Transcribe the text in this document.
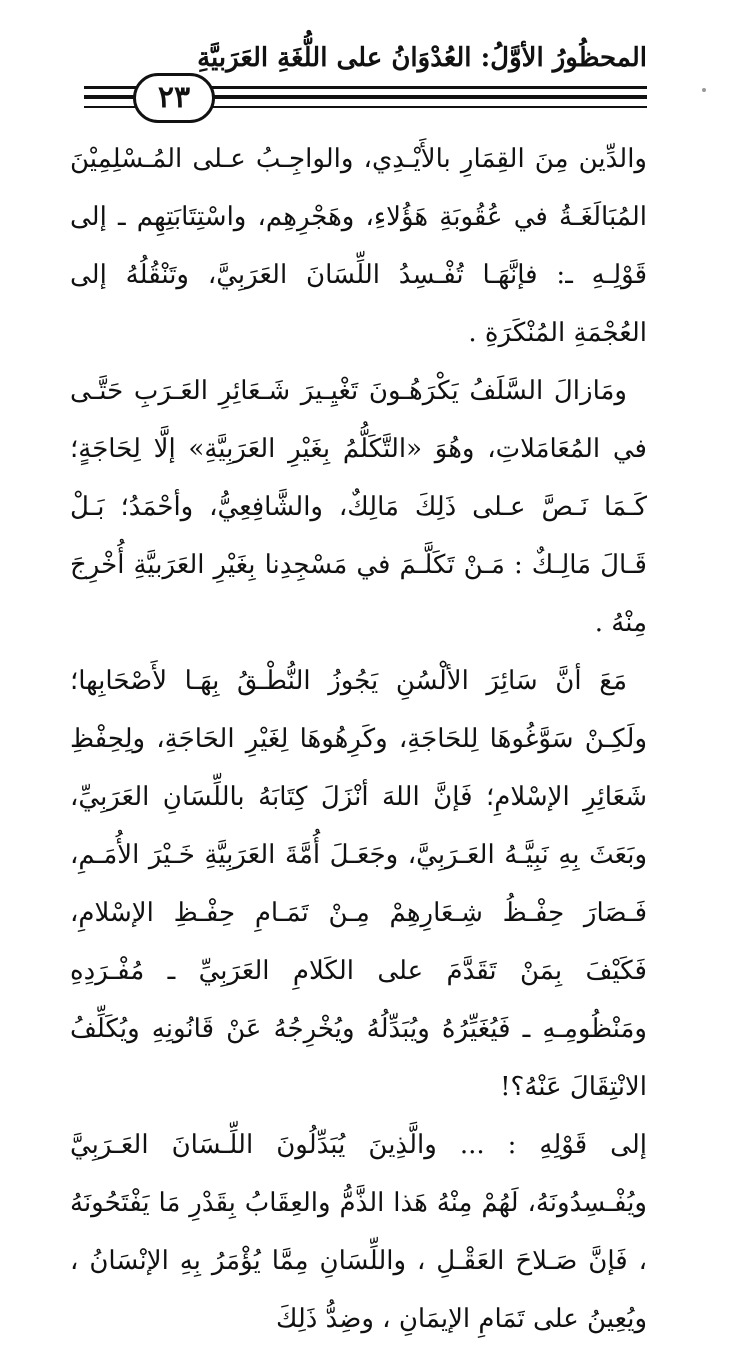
المحظُورُ الأوَّلُ: العُدْوَانُ على اللُّغَةِ العَرَبيَّةِ
٢٣

والدِّين مِنَ القِمَارِ بالأَيْـدِي، والواجِـبُ عـلى المُـسْلِمِيْنَ المُبَالَغَـةُ في عُقُوبَةِ هَؤُلاءِ، وهَجْرِهِم، واسْتِتَابَتِهِم ـ إلى قَوْلِـهِ ـ: فإنَّهَـا تُفْـسِدُ اللِّسَانَ العَرَبِيَّ، وتَنْقُلُهُ إلى العُجْمَةِ المُنْكَرَةِ .

ومَازالَ السَّلَفُ يَكْرَهُـونَ تَغْيِـيرَ شَـعَائِرِ العَـرَبِ حَتَّـى في المُعَامَلاتِ، وهُوَ «التَّكَلُّمُ بِغَيْرِ العَرَبِيَّةِ» إلَّا لِحَاجَةٍ؛ كَـمَا نَـصَّ عـلى ذَلِكَ مَالِكٌ، والشَّافِعِيُّ، وأحْمَدُ؛ بَـلْ قَـالَ مَالِـكٌ : مَـنْ تَكَلَّـمَ في مَسْجِدِنا بِغَيْرِ العَرَبيَّةِ أُخْرِجَ مِنْهُ .

مَعَ أنَّ سَائِرَ الألْسُنِ يَجُوزُ النُّطْـقُ بِهَـا لأَصْحَابِها؛ ولَكِـنْ سَوَّغُوهَا لِلحَاجَةِ، وكَرِهُوهَا لِغَيْرِ الحَاجَةِ، ولِحِفْظِ شَعَائِرِ الإسْلامِ؛ فَإنَّ اللهَ أنْزَلَ كِتَابَهُ باللِّسَانِ العَرَبِيِّ، وبَعَثَ بِهِ نَبِيَّـهُ العَـرَبِيَّ، وجَعَـلَ أُمَّةَ العَرَبِيَّةِ خَـيْرَ الأُمَـمِ، فَـصَارَ حِفْـظُ شِـعَارِهِمْ مِـنْ تَمَـامِ حِفْـظِ الإسْلامِ، فَكَيْفَ بِمَنْ تَقَدَّمَ على الكَلامِ العَرَبِيِّ ـ مُفْـرَدِهِ ومَنْظُومِـهِ ـ فَيُغَيِّرُهُ ويُبَدِّلُهُ ويُخْرِجُهُ عَنْ قَانُونِهِ ويُكَلِّفُ الانْتِقَالَ عَنْهُ؟!

إلى قَوْلِهِ : ... والَّذِينَ يُبَدِّلُونَ اللِّـسَانَ العَـرَبِيَّ ويُفْـسِدُونَهُ، لَهُمْ مِنْهُ هَذا الذَّمُّ والعِقَابُ بِقَدْرِ مَا يَفْتَحُونَهُ ، فَإنَّ صَـلاحَ العَقْـلِ ، واللِّسَانِ مِمَّا يُؤْمَرُ بِهِ الإنْسَانُ ، ويُعِينُ على تَمَامِ الإيمَانِ ، وضِدُّ ذَلِكَ
